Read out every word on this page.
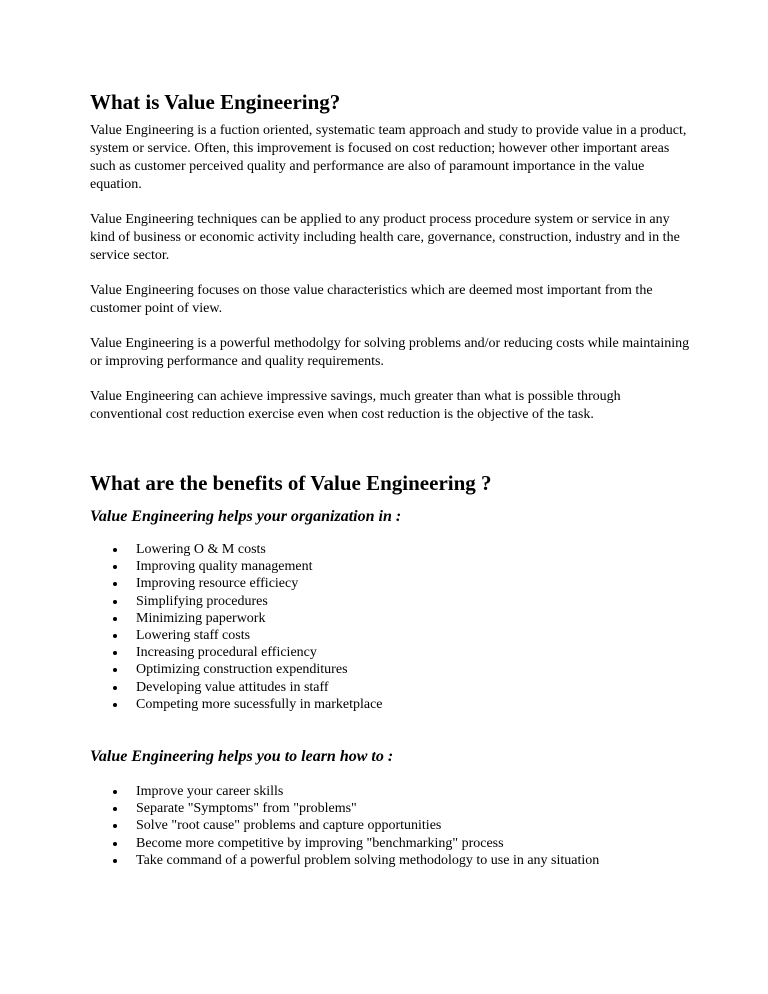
What is Value Engineering?

Value Engineering is a fuction oriented, systematic team approach and study to provide value in a product, system or service. Often, this improvement is focused on cost reduction; however other important areas such as customer perceived quality and performance are also of paramount importance in the value equation.

Value Engineering techniques can be applied to any product process procedure system or service in any kind of business or economic activity including health care, governance, construction, industry and in the service sector.

Value Engineering focuses on those value characteristics which are deemed most important from the customer point of view.

Value Engineering is a powerful methodolgy for solving problems and/or reducing costs while maintaining or improving performance and quality requirements.

Value Engineering can achieve impressive savings, much greater than what is possible through conventional cost reduction exercise even when cost reduction is the objective of the task.

What are the benefits of Value Engineering ?
Value Engineering helps your organization in :
Lowering O & M costs
Improving quality management
Improving resource efficiecy
Simplifying procedures
Minimizing paperwork
Lowering staff costs
Increasing procedural efficiency
Optimizing construction expenditures
Developing value attitudes in staff
Competing more sucessfully in marketplace
Value Engineering helps you to learn how to :
Improve your career skills
Separate "Symptoms" from "problems"
Solve "root cause" problems and capture opportunities
Become more competitive by improving "benchmarking" process
Take command of a powerful problem solving methodology to use in any situation
